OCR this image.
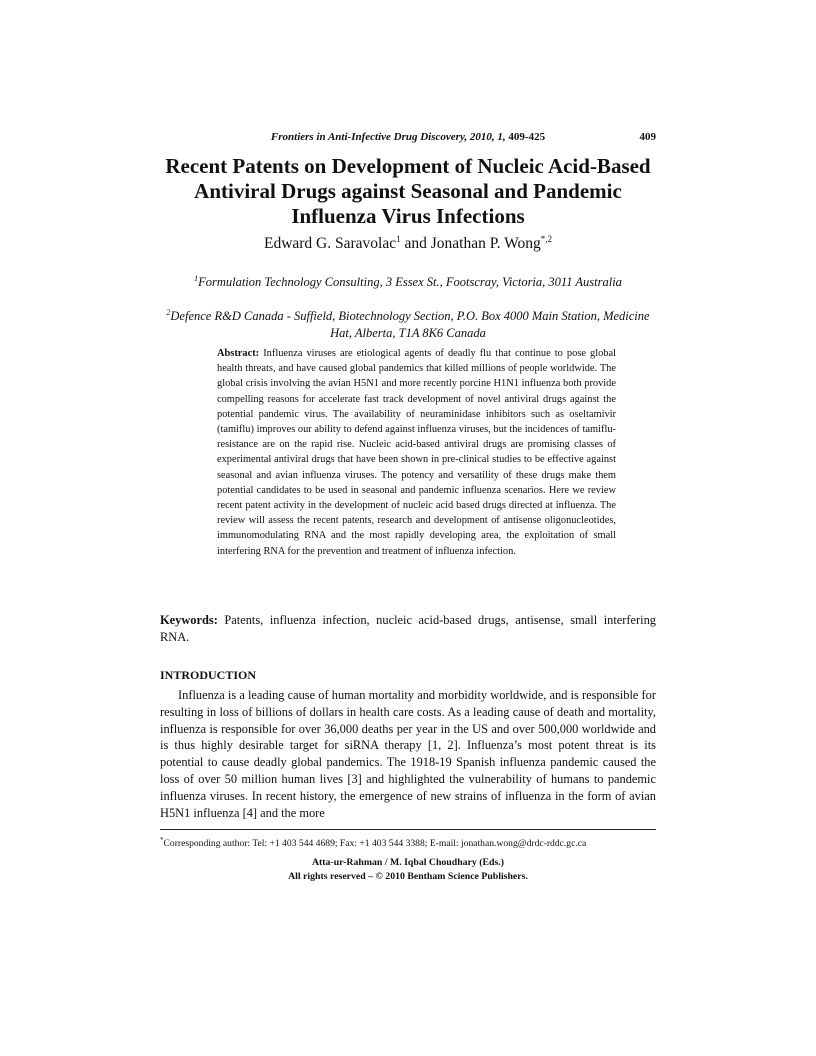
Frontiers in Anti-Infective Drug Discovery, 2010, 1, 409-425	409
Recent Patents on Development of Nucleic Acid-Based
Antiviral Drugs against Seasonal and Pandemic
Influenza Virus Infections
Edward G. Saravolac$^1$ and Jonathan P. Wong$^{*,2}$
$^1$Formulation Technology Consulting, 3 Essex St., Footscray, Victoria, 3011 Australia
$^2$Defence R&D Canada - Suffield, Biotechnology Section, P.O. Box 4000 Main Station, Medicine Hat, Alberta, T1A 8K6 Canada
Abstract: Influenza viruses are etiological agents of deadly flu that continue to pose global health threats, and have caused global pandemics that killed millions of people worldwide. The global crisis involving the avian H5N1 and more recently porcine H1N1 influenza both provide compelling reasons for accelerate fast track development of novel antiviral drugs against the potential pandemic virus. The availability of neuraminidase inhibitors such as oseltamivir (tamiflu) improves our ability to defend against influenza viruses, but the incidences of tamiflu-resistance are on the rapid rise. Nucleic acid-based antiviral drugs are promising classes of experimental antiviral drugs that have been shown in pre-clinical studies to be effective against seasonal and avian influenza viruses. The potency and versatility of these drugs make them potential candidates to be used in seasonal and pandemic influenza scenarios. Here we review recent patent activity in the development of nucleic acid based drugs directed at influenza. The review will assess the recent patents, research and development of antisense oligonucleotides, immunomodulating RNA and the most rapidly developing area, the exploitation of small interfering RNA for the prevention and treatment of influenza infection.
Keywords: Patents, influenza infection, nucleic acid-based drugs, antisense, small interfering RNA.
INTRODUCTION

Influenza is a leading cause of human mortality and morbidity worldwide, and is responsible for resulting in loss of billions of dollars in health care costs. As a leading cause of death and mortality, influenza is responsible for over 36,000 deaths per year in the US and over 500,000 worldwide and is thus highly desirable target for siRNA therapy [1, 2]. Influenza’s most potent threat is its potential to cause deadly global pandemics. The 1918-19 Spanish influenza pandemic caused the loss of over 50 million human lives [3] and highlighted the vulnerability of humans to pandemic influenza viruses. In recent history, the emergence of new strains of influenza in the form of avian H5N1 influenza [4] and the more

*Corresponding author: Tel: +1 403 544 4689; Fax: +1 403 544 3388; E-mail: jonathan.wong@drdc-rddc.gc.ca
Atta-ur-Rahman / M. Iqbal Choudhary (Eds.)
All rights reserved – © 2010 Bentham Science Publishers.
